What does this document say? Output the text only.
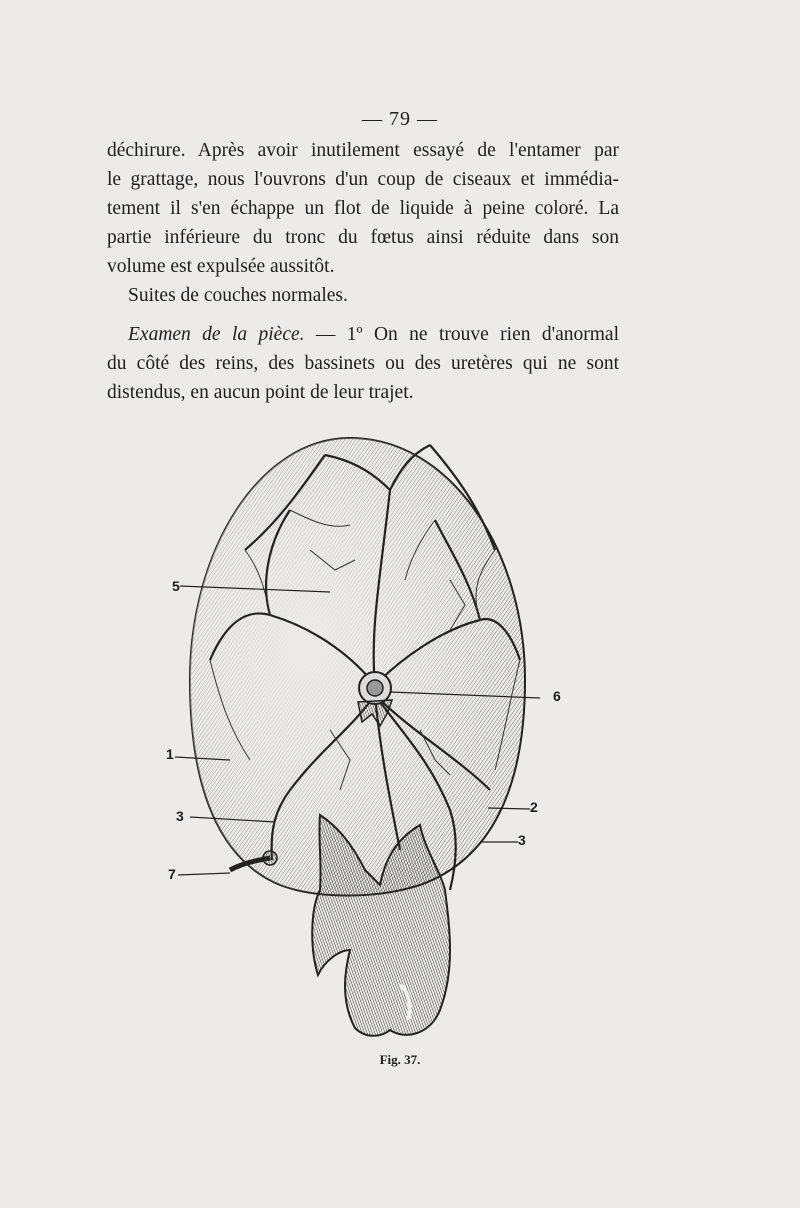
— 79 —
déchirure. Après avoir inutilement essayé de l'entamer par
le grattage, nous l'ouvrons d'un coup de ciseaux et immédia-
tement il s'en échappe un flot de liquide à peine coloré. La
partie inférieure du tronc du fœtus ainsi réduite dans son
volume est expulsée aussitôt.
Suites de couches normales.
Examen de la pièce. — 1º On ne trouve rien d'anormal
du côté des reins, des bassinets ou des uretères qui ne sont
distendus, en aucun point de leur trajet.
5
6
1
2
3
3
7
Fig. 37.
